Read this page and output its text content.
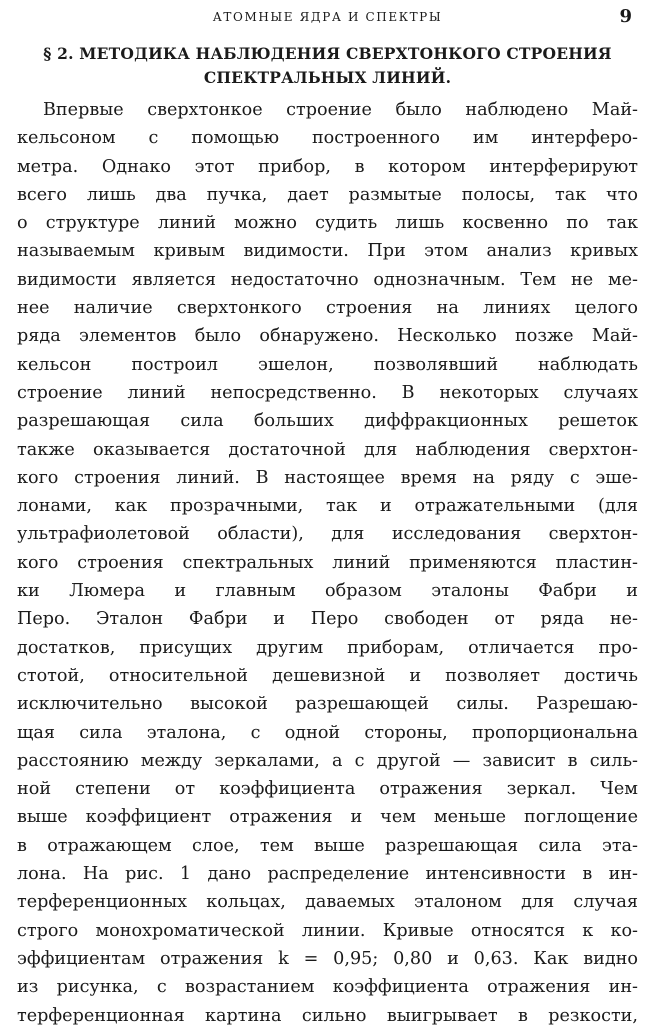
АТОМНЫЕ ЯДРА И СПЕКТРЫ	9
§ 2. МЕТОДИКА НАБЛЮДЕНИЯ СВЕРХТОНКОГО СТРОЕНИЯ
СПЕКТРАЛЬНЫХ ЛИНИЙ.
Впервые сверхтонкое строение было наблюдено Май-
кельсоном с помощью построенного им интерферо-
метра. Однако этот прибор, в котором интерферируют
всего лишь два пучка, дает размытые полосы, так что
о структуре линий можно судить лишь косвенно по так
называемым кривым видимости. При этом анализ кривых
видимости является недостаточно однозначным. Тем не ме-
нее наличие сверхтонкого строения на линиях целого
ряда элементов было обнаружено. Несколько позже Май-
кельсон построил эшелон, позволявший наблюдать
строение линий непосредственно. В некоторых случаях
разрешающая сила больших диффракционных решеток
также оказывается достаточной для наблюдения сверхтон-
кого строения линий. В настоящее время на ряду с эше-
лонами, как прозрачными, так и отражательными (для
ультрафиолетовой области), для исследования сверхтон-
кого строения спектральных линий применяются пластин-
ки Люмера и главным образом эталоны Фабри и
Перо. Эталон Фабри и Перо свободен от ряда не-
достатков, присущих другим приборам, отличается про-
стотой, относительной дешевизной и позволяет достичь
исключительно высокой разрешающей силы. Разрешаю-
щая сила эталона, с одной стороны, пропорциональна
расстоянию между зеркалами, а с другой — зависит в силь-
ной степени от коэффициента отражения зеркал. Чем
выше коэффициент отражения и чем меньше поглощение
в отражающем слое, тем выше разрешающая сила эта-
лона. На рис. 1 дано распределение интенсивности в ин-
терференционных кольцах, даваемых эталоном для случая
строго монохроматической линии. Кривые относятся к ко-
эффициентам отражения k = 0,95; 0,80 и 0,63. Как видно
из рисунка, с возрастанием коэффициента отражения ин-
терференционная картина сильно выигрывает в резкости,
